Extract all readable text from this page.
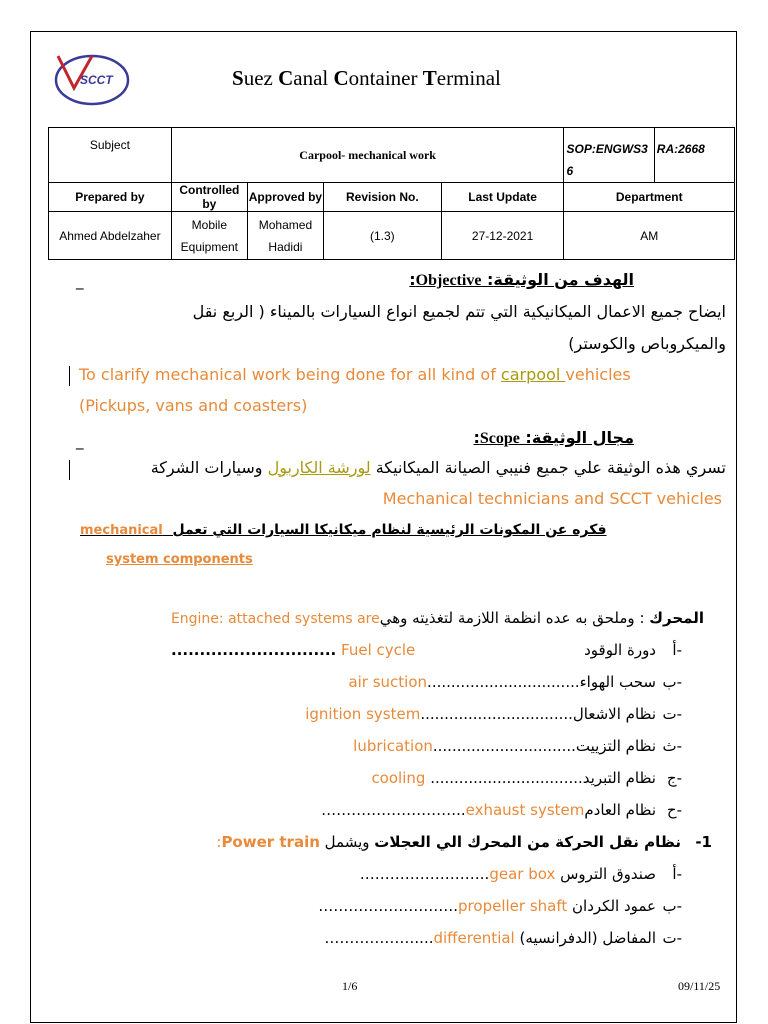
SCCT	Suez Canal Container Terminal
Subject	Carpool- mechanical work				SOP:ENGWS3 6	RA:2668
Prepared by	Controlled by	Approved by	Revision No.	Last Update	Department	
Ahmed Abdelzaher	Mobile Equipment	Mohamed Hadidi	(1.3)	27-12-2021	AM	
_	:Objective :الهدف من الوثيقة
ايضاح جميع الاعمال الميكانيكية التي تتم لجميع انواع السيارات بالميناء ( الربع نقل
والميكروباص والكوستر)
To clarify mechanical work being done for all kind of carpool vehicles
(Pickups, vans and coasters)
_	:Scope :مجال الوثيقة
تسري هذه الوثيقة علي جميع فنيبي الصيانة الميكانيكة لورشة الكاربول وسيارات الشركة
Mechanical technicians and SCCT vehicles
mechanical فكره عن المكونات الرئيسية لنظام ميكانيكا السيارات التي تعمل
system components
Engine: attached systems are : وملحق به عده انظمة اللازمة لتغذيته وهيالمحرك
أ-
دورة الوقود
............................. Fuel cycle
ب-
air suction................................سحب الهواء
ت-
ignition system................................نظام الاشعال
ث-
lubrication..............................نظام التزييت
ج-
cooling ................................نظام التبريد
ح-
………………………..exhaust systemنظام العادم
:Power train ويشمل نظام نقل الحركة من المحرك الي العجلات -1
أ-
……………………..gear box صندوق التروس
ب-
……………………….propeller shaft عمود الكردان
ت-
………………....differential المفاضل (الدفرانسيه)
1/6	09/11/25
